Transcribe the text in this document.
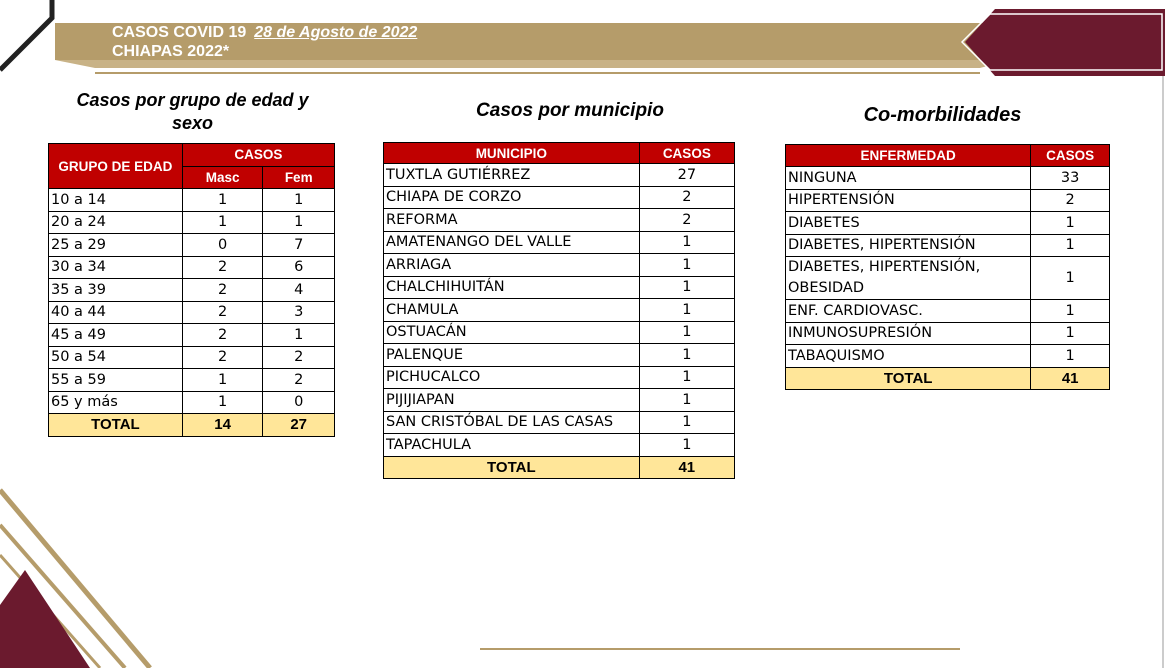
CASOS COVID 19 28 de Agosto de 2022
CHIAPAS 2022*
Casos por grupo de edad y sexo
Casos por municipio	Co-morbilidades
GRUPO DE EDAD	CASOS	
	Masc	Fem
10 a 14	1	1
20 a 24	1	1
25 a 29	0	7
30 a 34	2	6
35 a 39	2	4
40 a 44	2	3
45 a 49	2	1
50 a 54	2	2
55 a 59	1	2
65 y más	1	0
TOTAL	14	27
MUNICIPIO	CASOS
TUXTLA GUTIÉRREZ	27
CHIAPA DE CORZO	2
REFORMA	2
AMATENANGO DEL VALLE	1
ARRIAGA	1
CHALCHIHUITÁN	1
CHAMULA	1
OSTUACÁN	1
PALENQUE	1
PICHUCALCO	1
PIJIJIAPAN	1
SAN CRISTÓBAL DE LAS CASAS	1
TAPACHULA	1
TOTAL	41
ENFERMEDAD	CASOS
NINGUNA	33
HIPERTENSIÓN	2
DIABETES	1
DIABETES, HIPERTENSIÓN	1
DIABETES, HIPERTENSIÓN, OBESIDAD	1
ENF. CARDIOVASC.	1
INMUNOSUPRESIÓN	1
TABAQUISMO	1
TOTAL	41
